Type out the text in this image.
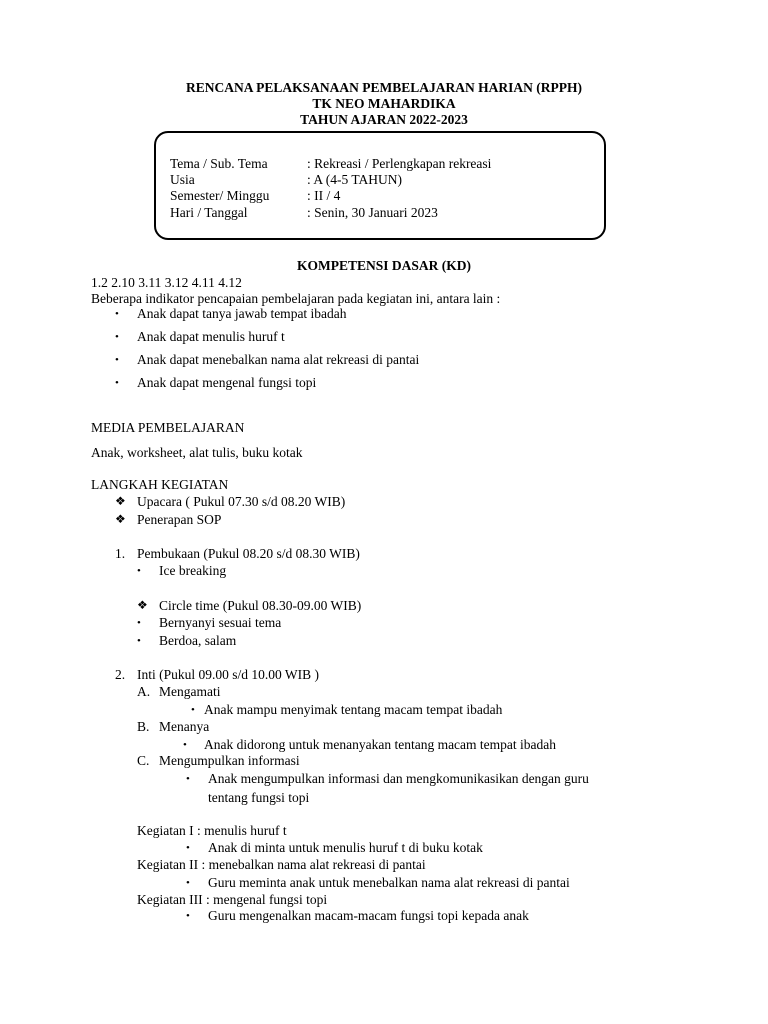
RENCANA PELAKSANAAN PEMBELAJARAN HARIAN (RPPH)
TK NEO MAHARDIKA
TAHUN AJARAN 2022-2023
Tema / Sub. Tema	: Rekreasi / Perlengkapan rekreasi
Usia	: A (4-5 TAHUN)
Semester/ Minggu	: II / 4
Hari / Tanggal	: Senin, 30 Januari 2023
KOMPETENSI DASAR (KD)
1.2 2.10 3.11 3.12 4.11 4.12
Beberapa indikator pencapaian pembelajaran pada kegiatan ini, antara lain :
• Anak dapat tanya jawab tempat ibadah
• Anak dapat menulis huruf t
• Anak dapat menebalkan nama alat rekreasi di pantai
• Anak dapat mengenal fungsi topi
MEDIA PEMBELAJARAN
Anak, worksheet, alat tulis, buku kotak
LANGKAH KEGIATAN
❖ Upacara ( Pukul 07.30 s/d 08.20 WIB)
❖ Penerapan SOP
1. Pembukaan (Pukul 08.20 s/d 08.30 WIB)
• Ice breaking
❖ Circle time (Pukul 08.30-09.00 WIB)
• Bernyanyi sesuai tema
• Berdoa, salam
2. Inti (Pukul 09.00 s/d 10.00 WIB )
A. Mengamati
• Anak mampu menyimak tentang macam tempat ibadah
B. Menanya
• Anak didorong untuk menanyakan tentang macam tempat ibadah
C. Mengumpulkan informasi
• Anak mengumpulkan informasi dan mengkomunikasikan dengan guru
tentang fungsi topi
Kegiatan I : menulis huruf t
• Anak di minta untuk menulis huruf t di buku kotak
Kegiatan II : menebalkan nama alat rekreasi di pantai
• Guru meminta anak untuk menebalkan nama alat rekreasi di pantai
Kegiatan III : mengenal fungsi topi
• Guru mengenalkan macam-macam fungsi topi kepada anak
